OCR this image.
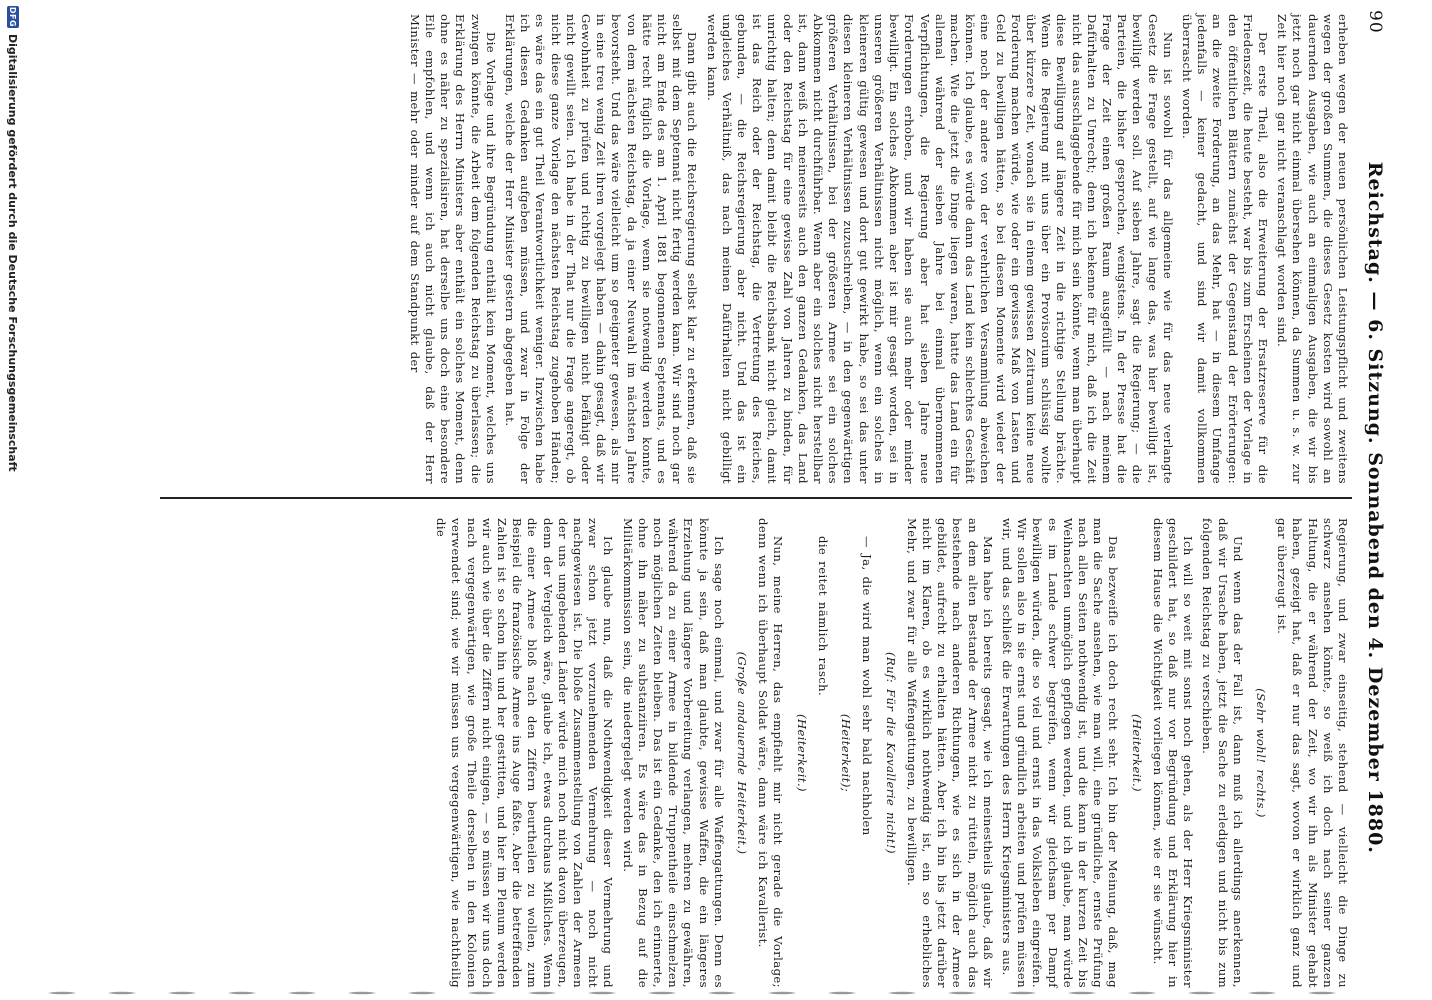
90
Reichstag. — 6. Sitzung. Sonnabend den 4. Dezember 1880.

erheben wegen der neuen persönlichen Leistungspflicht und zweitens wegen der großen Summen, die dieses Gesetz kosten wird sowohl an dauernden Ausgaben, wie auch an einmaligen Ausgaben, die wir bis jetzt noch gar nicht einmal übersehen können, da Summen u. s. w. zur Zeit hier noch gar nicht veranschlagt worden sind.

Der erste Theil, also die Erweiterung der Ersatzreserve für die Friedenszeit, die heute besteht, war bis zum Erscheinen der Vorlage in den öffentlichen Blättern zunächst der Gegenstand der Erörterungen: an die zweite Forderung, an das Mehr, hat — in diesem Umfange jedenfalls — keiner gedacht, und sind wir damit vollkommen überrascht worden.

Nun ist sowohl für das allgemeine wie für das neue verlangte Gesetz die Frage gestellt, auf wie lange das, was hier bewilligt ist, bewilligt werden soll. Auf sieben Jahre, sagt die Regierung; — die Parteien, die bisher gesprochen, wenigstens. In der Presse hat die Frage der Zeit einen großen Raum ausgefüllt — nach meinem Dafürhalten zu Unrecht; denn ich bekenne für mich, daß ich die Zeit nicht das ausschlaggebende für mich sein könnte, wenn man überhaupt diese Bewilligung auf längere Zeit in die richtige Stellung brächte. Wenn die Regierung mit uns über ein Provisorium schlüssig wollte über kürzere Zeit, wonach sie in einem gewissen Zeitraum keine neue Forderung machen würde, wie oder ein gewisses Maß von Lasten und Geld zu bewilligen hätten, so bei diesem Momente wird wieder der eine noch der andere von der verehrlichen Versammlung abweichen können. Ich glaube, es würde dann das Land kein schlechtes Geschäft machen. Wie die jetzt die Dinge liegen waren, hatte das Land ein für allemal während der sieben Jahre bei einmal übernommenen Verpflichtungen, die Regierung aber hat sieben Jahre neue Forderungen erhoben, und wir haben sie auch mehr oder minder bewilligt. Ein solches Abkommen aber ist mir gesagt worden, sei in unseren größeren Verhältnissen nicht möglich, wenn ein solches in kleineren gültig gewesen und dort gut gewirkt habe, so sei das unter diesen kleineren Verhältnissen zuzuschreiben, — in den gegenwärtigen größeren Verhältnissen, bei der größeren Armee sei ein solches Abkommen nicht durchführbar. Wenn aber ein solches nicht herstellbar ist, dann weiß ich meinerseits auch den ganzen Gedanken, das Land oder den Reichstag für eine gewisse Zahl von Jahren zu binden, für unrichtig halten; denn damit bleibt die Reichsbank nicht gleich, damit ist das Reich oder der Reichstag, die Vertretung des Reiches, gebunden, — die Reichsregierung aber nicht. Und das ist ein ungleiches Verhältniß, das nach meinen Dafürhalten nicht gebilligt werden kann.

Dann gibt auch die Reichsregierung selbst klar zu erkennen, daß sie selbst mit dem Septennat nicht fertig werden kann. Wir sind noch gar nicht am Ende des am 1. April 1881 begonnenen Septennats, und es hätte recht füglich die Vorlage, wenn sie notwendig werden konnte, von dem nächsten Reichstag, da ja einer Neuwahl im nächsten Jahre bevorsteht. Und das wäre vielleicht um so geeigneter gewesen, als mir in eine treu wenig Zeit ihren vorgelegt haben — dahin gesagt, daß wir Gewohnheit zu prüfen und richtig zu bewilligen nicht befähigt oder nicht gewillt seien. Ich habe in der That nur die Frage angeregt, ob nicht diese ganze Vorlage den nächsten Reichstag zugehoben Händen; es wäre das ein gut Theil Verantwortlichkeit weniger. Inzwischen habe ich diesen Gedanken aufgeben müssen, und zwar in Folge der Erklärungen, welche der Herr Minister gestern abgegeben hat.

Die Vorlage und ihre Begründung enthält kein Moment, welches uns zwingen könnte, die Arbeit dem folgenden Reichstag zu überlassen; die Erklärung des Herrn Ministers aber enthält ein solches Moment, denn ohne es näher zu spezialisiren, hat derselbe uns doch eine besondere Eile empfohlen, und wenn ich auch nicht glaube, daß der Herr Minister — mehr oder minder auf dem Standpunkt der

Regierung, und zwar einseitig, stehend — vielleicht die Dinge zu schwarz ansehen könnte, so weiß ich doch nach seiner ganzen Haltung, die er während der Zeit, wo wir ihn als Minister gehabt haben, gezeigt hat, daß er nur das sagt, wovon er wirklich ganz und gar überzeugt ist.

(Sehr wohl! rechts.)

Und wenn das der Fall ist, dann muß ich allerdings anerkennen, daß wir Ursache haben, jetzt die Sache zu erledigen und nicht bis zum folgenden Reichstag zu verschieben.

Ich will so weit mit sonst noch gehen, als der Herr Kriegsminister geschildert hat, so daß nur vor Begründung und Erklärung hier in diesem Hause die Wichtigkeit vorliegen können, wie er sie wünscht.

(Heiterkeit.)

Das bezweifle ich doch recht sehr. Ich bin der Meinung, daß, mag man die Sache ansehen, wie man will, eine gründliche, ernste Prüfung nach allen Seiten nothwendig ist, und die kann in der kurzen Zeit bis Weihnachten unmöglich gepflogen werden, und ich glaube, man würde es im Lande schwer begreifen, wenn wir gleichsam per Dampf bewilligen würden, die so viel und ernst in das Volksleben eingreifen. Wir sollen also in sie ernst und gründlich arbeiten und prüfen müssen wir, und das schließt die Erwartungen des Herrn Kriegsministers aus.

Man habe ich bereits gesagt, wie ich meinestheils glaube, daß wir an dem alten Bestande der Armee nicht zu rütteln, möglich auch das bestehende nach anderen Richtungen, wie es sich in der Armee gebildet, aufrecht zu erhalten hätten. Aber ich bin bis jetzt darüber nicht im Klaren, ob es wirklich nothwendig ist, ein so erhebliches Mehr, und zwar für alle Waffengattungen, zu bewilligen.

(Ruf: Für die Kavallerie nicht!)

— Ja, die wird man wohl sehr bald nachholen

(Heiterkeit);

die reitet nämlich rasch.

(Heiterkeit.)

Nun, meine Herren, das empfiehlt mir nicht gerade die Vorlage; denn wenn ich überhaupt Soldat wäre, dann wäre ich Kavallerist.

(Große andauernde Heiterkeit.)

Ich sage noch einmal, und zwar für alle Waffengattungen. Denn es könnte ja sein, daß man glaubte, gewisse Waffen, die ein längeres Erziehung und längere Vorbereitung verlangen, mehren zu gewähren, während da zu einer Armee in bildende Truppentheile einschmelzen noch möglichen Zeiten bleiben. Das ist ein Gedanke, den ich erinnerte, ohne ihn näher zu substanziiren. Es wäre das in Bezug auf die Militärkommission sein, die niedergelegt werden wird.

Ich glaube nun, daß die Nothwendigkeit dieser Vermehrung und zwar schon jetzt vorzunehmenden Vermehrung — noch nicht nachgewiesen ist. Die bloße Zusammenstellung von Zahlen der Armeen der uns umgebenden Länder würde mich noch nicht davon überzeugen, denn der Vergleich wäre, glaube ich, etwas durchaus Mißliches. Wenn die einer Armee bloß nach den Ziffern beurtheilen zu wollen, zum Beispiel die französische Armee ins Auge faßte. Aber die betreffenden Zahlen ist so schon hin und her gestritten, und hier im Plenum werden wir auch wie über die Ziffern nicht einigen, — so müssen wir uns doch nach vergegenwärtigen, wie große Theile derselben in den Kolonien verwendet sind; wie wir müssen uns vergegenwärtigen, wie nachtheilig die

DFG
Digitalisierung gefördert durch die Deutsche Forschungsgemeinschaft
